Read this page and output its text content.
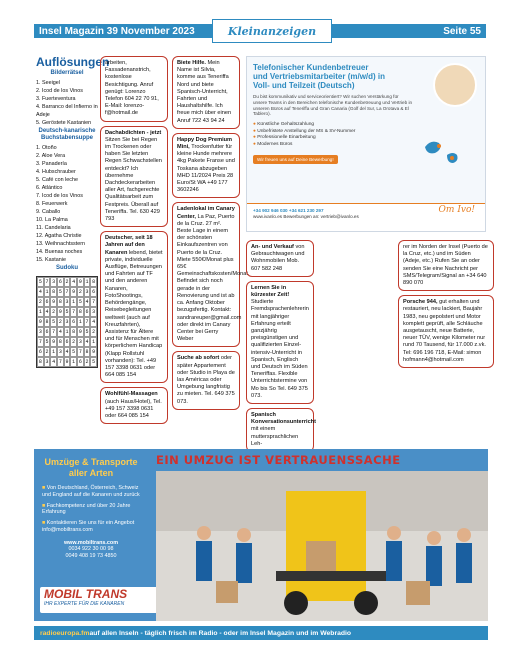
Insel Magazin 39 November 2023	Kleinanzeigen	Seite 55
Auflösungen
Bilderrätsel
1. Seeigel
2. Icod de los Vinos
3. Fuerteventura
4. Barranco del Infierno in Adeje
5. Geröstete Kastanien
Deutsch-kanarische Buchstabensuppe
1. Otoño
2. Aloe Vera
3. Panadería
4. Hubschrauber
5. Café con leche
6. Atlántico
7. Icod de los Vinos
8. Feuerwerk
9. Caballo
10. La Palma
11. Candelaria
12. Agatha Christie
13. Weihnachtsstern
14. Buenas noches
15. Kastanie
Sudoku
5 7 3 6 2 4 9 1 8
4 1 8 5 7 9 2 3 6
2 6 9 8 3 1 5 4 7
1 4 2 9 5 7 8 6 3
9 8 5 2 3 6 1 7 4
3 6 7 4 1 8 9 5 2
7 5 9 8 6 2 3 4 1
6 2 1 3 4 5 7 8 9
8 3 4 7 9 1 6 2 5
arbeiten, Fassadenanstrich, kostenlose Besichtigung. Anruf genügt: Lorenzo Telefon 604 22 70 91, E-Mail: lorenzo-f@hotmail.de
Dachabdichten - jetzt Sitzen Sie bei Regen im Trockenen oder haben Sie letzten Regen Schwachstellen entdeckt? Ich übernehme Dachdeckerarbeiten aller Art, fachgerechte Qualitätsarbeit zum Festpreis. Überall auf Teneriffa. Tel. 630 429 793
Deutscher, seit 18 Jahren auf den Kanaren lebend, bietet private, individuelle Ausflüge, Betreuungen und Fahrten auf TF und den anderen Kanaren, FotoShootings, Behördengänge, Reisebegleitungen weltweit (auch auf Kreuzfahrten), Assistenz für Ältere und für Menschen mit körperlichem Handicap (Klapp Rollstuhl vorhanden): Tel. +49 157 3398 0631 oder 664 085 154
Wohlfühl-Massagen (auch Haus/Hotel), Tel. +49 157 3398 0631 oder 664 085 154
Biete Hilfe. Mein Name ist Silvia, komme aus Teneriffa Nord und biete Spanisch-Unterricht, Fahrten und Haushaltshilfe. Ich freue mich über einen Anruf 722 43 94 24
Happy Dog Premium Mini, Trockenfutter für kleine Hunde mehrere 4kg Pakete Franse und Toskana abzugeben MHD 11/2024 Preis 28 Euro/St WA +49 177 3602246
Ladenlokal im Canary Center, La Paz, Puerto de la Cruz. 27 m². Beste Lage in einem der schönsten Einkaufszentren von Puerto de la Cruz. Miete 550€/Monat plus 65€ Gemeinschaftskosten/Monat. Befindet sich noch gerade in der Renovierung und ist ab ca. Anfang Oktober bezugsfertig. Kontakt: sandrareuper@gmail.com oder direkt im Canary Center bei Gerry Weber
Suche ab sofort oder später Appartement oder Studio in Playa de las Américas oder Umgebung langfristig zu mieten. Tel. 649 375 073.
Telefonischer Kundenbetreuer
und Vertriebsmitarbeiter (m/w/d) in Voll- und Teilzeit (Deutsch)
Du bist kommunikativ und serviceorientiert? Wir suchen Verstärkung für unsere Teams in den Bereichen telefonische Kundenbetreuung und Vertrieb in unseren Büros auf Teneriffa und Gran Canaria (Golf del Sur, La Orotava & El Tablero).
● Künstliche Gehaltszahlung
● Unbefristete Anstellung der MS & SV-Nummer
● Professionelle Einarbeitung
● Modernes Büros
Wir freuen uns auf Deine Bewerbung!
+34 902 946 030 +34 621 230 297
www.ivanlo.es Bewerbungen an: vertrieb@ivanlo.es
Om Ivo!
An- und Verkauf von Gebrauchtwagen und Wohnmobilen Mob. 607 582 248
Lernen Sie in kürzester Zeit! Studierte Fremdsprachenlehrerin mit langjähriger Erfahrung erteilt ganzjährig preisgünstigen und qualifizierten Einzel-intensiv-Unterricht in Spanisch, Englisch und Deutsch im Süden Teneriffas. Flexible Unterrichtstermine von Mo bis So Tel. 649 375 073.
Spanisch Konversationsunterricht mit einem muttersprachlichen Leh-
rer im Norden der Insel (Puerto de la Cruz, etc.) und im Süden (Adeje, etc.) Rufen Sie an oder senden Sie eine Nachricht per SMS/Telegram/Signal an +34 640 890 070
Porsche 944, gut erhalten und restauriert, neu lackiert, Baujahr 1983, neu gepolstert und Motor komplett geprüft, alle Schläuche ausgetauscht, neue Batterie, neuer TÜV, wenige Kilometer nur rund 70 Tausend, für 17.000 z.vk. Tel: 696 196 718, E-Mail: simon hofmann4@hotmail.com
Umzüge & Transporte aller Arten
■ Von Deutschland, Österreich, Schweiz und England auf die Kanaren und zurück
■ Fachkompetenz und über 20 Jahre Erfahrung
■ Kontaktieren Sie uns für ein Angebot info@mobiltrans.com
www.mobiltrans.com
0034 922 30 00 98
0049 408 19 73 4850
MOBIL TRANS
IHR EXPERTE FÜR DIE KANAREN
EIN UMZUG IST VERTRAUENSSACHE
radioeuropa.fm auf allen Inseln - täglich frisch im Radio - oder im Insel Magazin und im Webradio
